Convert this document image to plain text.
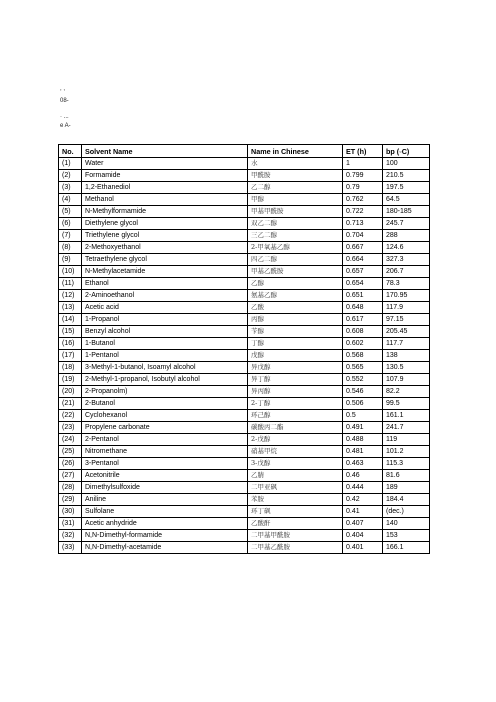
, ,
08-
· ...
e A-
No.	Solvent Name	Name in Chinese	ET (h)	bp (◦C)
(1)	Water	水	1	100
(2)	Formamide	甲酰胺	0.799	210.5
(3)	1,2-Ethanediol	乙二醇	0.79	197.5
(4)	Methanol	甲醇	0.762	64.5
(5)	N-Methylformamide	甲基甲酰胺	0.722	180-185
(6)	Diethylene glycol	双乙二醇	0.713	245.7
(7)	Triethylene glycol	三乙二醇	0.704	288
(8)	2-Methoxyethanol	2-甲氧基乙醇	0.667	124.6
(9)	Tetraethylene glycol	四乙二醇	0.664	327.3
(10)	N-Methylacetamide	甲基乙酰胺	0.657	206.7
(11)	Ethanol	乙醇	0.654	78.3
(12)	2-Aminoethanol	氨基乙醇	0.651	170.95
(13)	Acetic acid	乙酸	0.648	117.9
(14)	1-Propanol	丙醇	0.617	97.15
(15)	Benzyl alcohol	苄醇	0.608	205.45
(16)	1-Butanol	丁醇	0.602	117.7
(17)	1-Pentanol	戊醇	0.568	138
(18)	3-Methyl-1-butanol, Isoamyl alcohol	异戊醇	0.565	130.5
(19)	2-Methyl-1-propanol, Isobutyl alcohol	异丁醇	0.552	107.9
(20)	2-Propanolm)	异丙醇	0.546	82.2
(21)	2-Butanol	2-丁醇	0.506	99.5
(22)	Cyclohexanol	环己醇	0.5	161.1
(23)	Propylene carbonate	碳酸丙二酯	0.491	241.7
(24)	2-Pentanol	2-戊醇	0.488	119
(25)	Nitromethane	硝基甲烷	0.481	101.2
(26)	3-Pentanol	3-戊醇	0.463	115.3
(27)	Acetonitrile	乙腈	0.46	81.6
(28)	Dimethylsulfoxide	二甲亚砜	0.444	189
(29)	Aniline	苯胺	0.42	184.4
(30)	Sulfolane	环丁砜	0.41	(dec.)
(31)	Acetic anhydride	乙酸酐	0.407	140
(32)	N,N-Dimethyl-formamide	二甲基甲酰胺	0.404	153
(33)	N,N-Dimethyl-acetamide	二甲基乙酰胺	0.401	166.1
